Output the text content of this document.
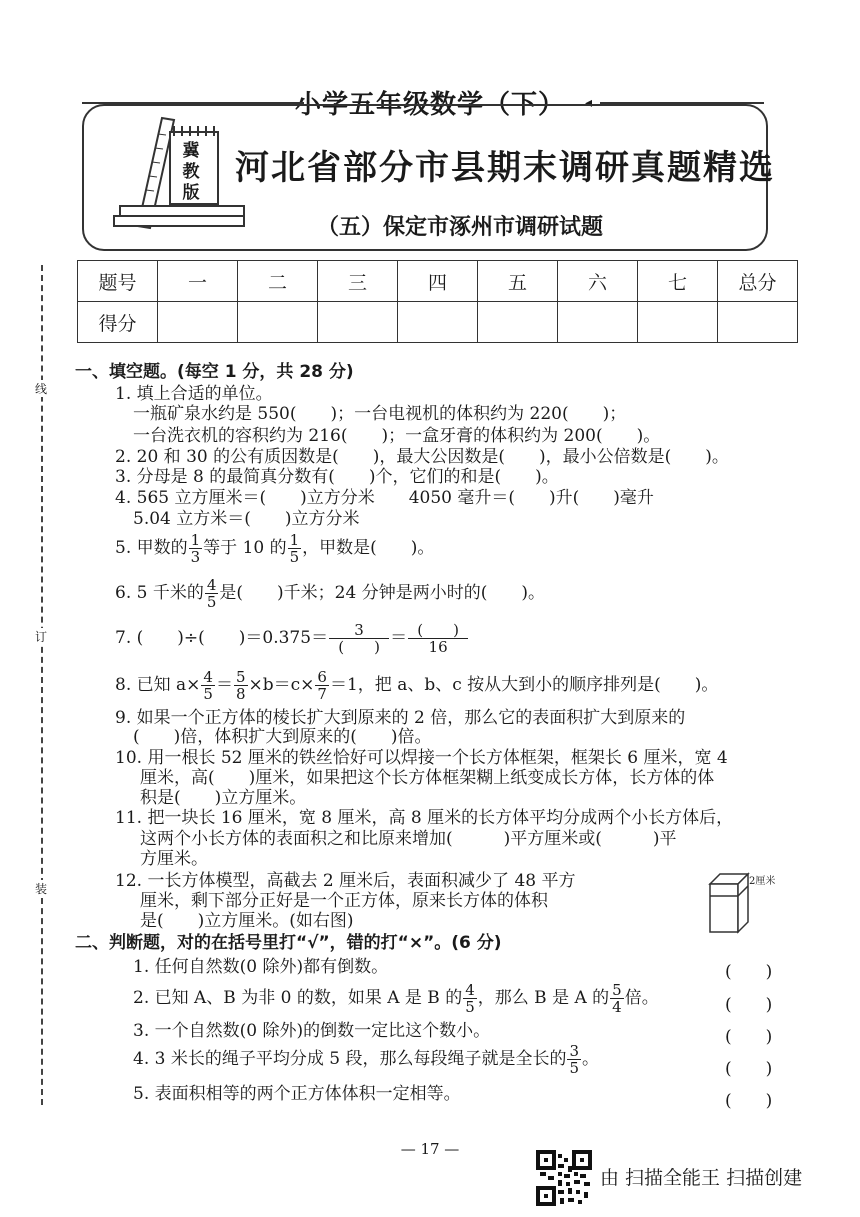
小学五年级数学（下）	◂
冀
教
版
河北省部分市县期末调研真题精选
（五）保定市涿州市调研试题
题号	一	二	三	四	五	六	七	总分
得分								
线
订
装
一、填空题。(每空 1 分，共 28 分)
1. 填上合适的单位。
一瓶矿泉水约是 550(　　)；一台电视机的体积约为 220(　　)；
一台洗衣机的容积约为 216(　　)；一盒牙膏的体积约为 200(　　)。
2. 20 和 30 的公有质因数是(　　)，最大公因数是(　　)，最小公倍数是(　　)。
3. 分母是 8 的最简真分数有(　　)个，它们的和是(　　)。
4. 565 立方厘米＝(　　)立方分米　　4050 毫升＝(　　)升(　　)毫升
5.04 立方米＝(　　)立方分米
5. 甲数的 $\frac{1}{3}$ 等于 10 的 $\frac{1}{5}$ ，甲数是(　　)。
6. 5 千米的 $\frac{4}{5}$ 是(　　)千米；24 分钟是两小时的(　　)。
7. (　　)÷(　　)$=0.375= \frac{3}{( )} = \frac{( )}{16}$
8. 已知 $a\times \frac{4}{5} = \frac{5}{8} \times b=c\times \frac{6}{7} =1$，把 a、b、c 按从大到小的顺序排列是(　　)。
9. 如果一个正方体的棱长扩大到原来的 2 倍，那么它的表面积扩大到原来的
(　　)倍，体积扩大到原来的(　　)倍。
10. 用一根长 52 厘米的铁丝恰好可以焊接一个长方体框架，框架长 6 厘米，宽 4
厘米，高(　　)厘米，如果把这个长方体框架糊上纸变成长方体，长方体的体
积是(　　)立方厘米。
11. 把一块长 16 厘米，宽 8 厘米，高 8 厘米的长方体平均分成两个小长方体后，
这两个小长方体的表面积之和比原来增加(　　　)平方厘米或(　　　)平
方厘米。
12. 一长方体模型，高截去 2 厘米后，表面积减少了 48 平方
厘米，剩下部分正好是一个正方体，原来长方体的体积
是(　　)立方厘米。(如右图)
2厘米
二、判断题，对的在括号里打“√”，错的打“×”。(6 分)
1. 任何自然数(0 除外)都有倒数。	(　　)
2. 已知 A、B 为非 0 的数，如果 A 是 B 的 $\frac{4}{5}$ ，那么 B 是 A 的 $\frac{5}{4}$ 倍。	(　　)
3. 一个自然数(0 除外)的倒数一定比这个数小。	(　　)
4. 3 米长的绳子平均分成 5 段，那么每段绳子就是全长的 $\frac{3}{5}$ 。	(　　)
5. 表面积相等的两个正方体体积一定相等。	(　　)
— 17 —
由 扫描全能王 扫描创建
